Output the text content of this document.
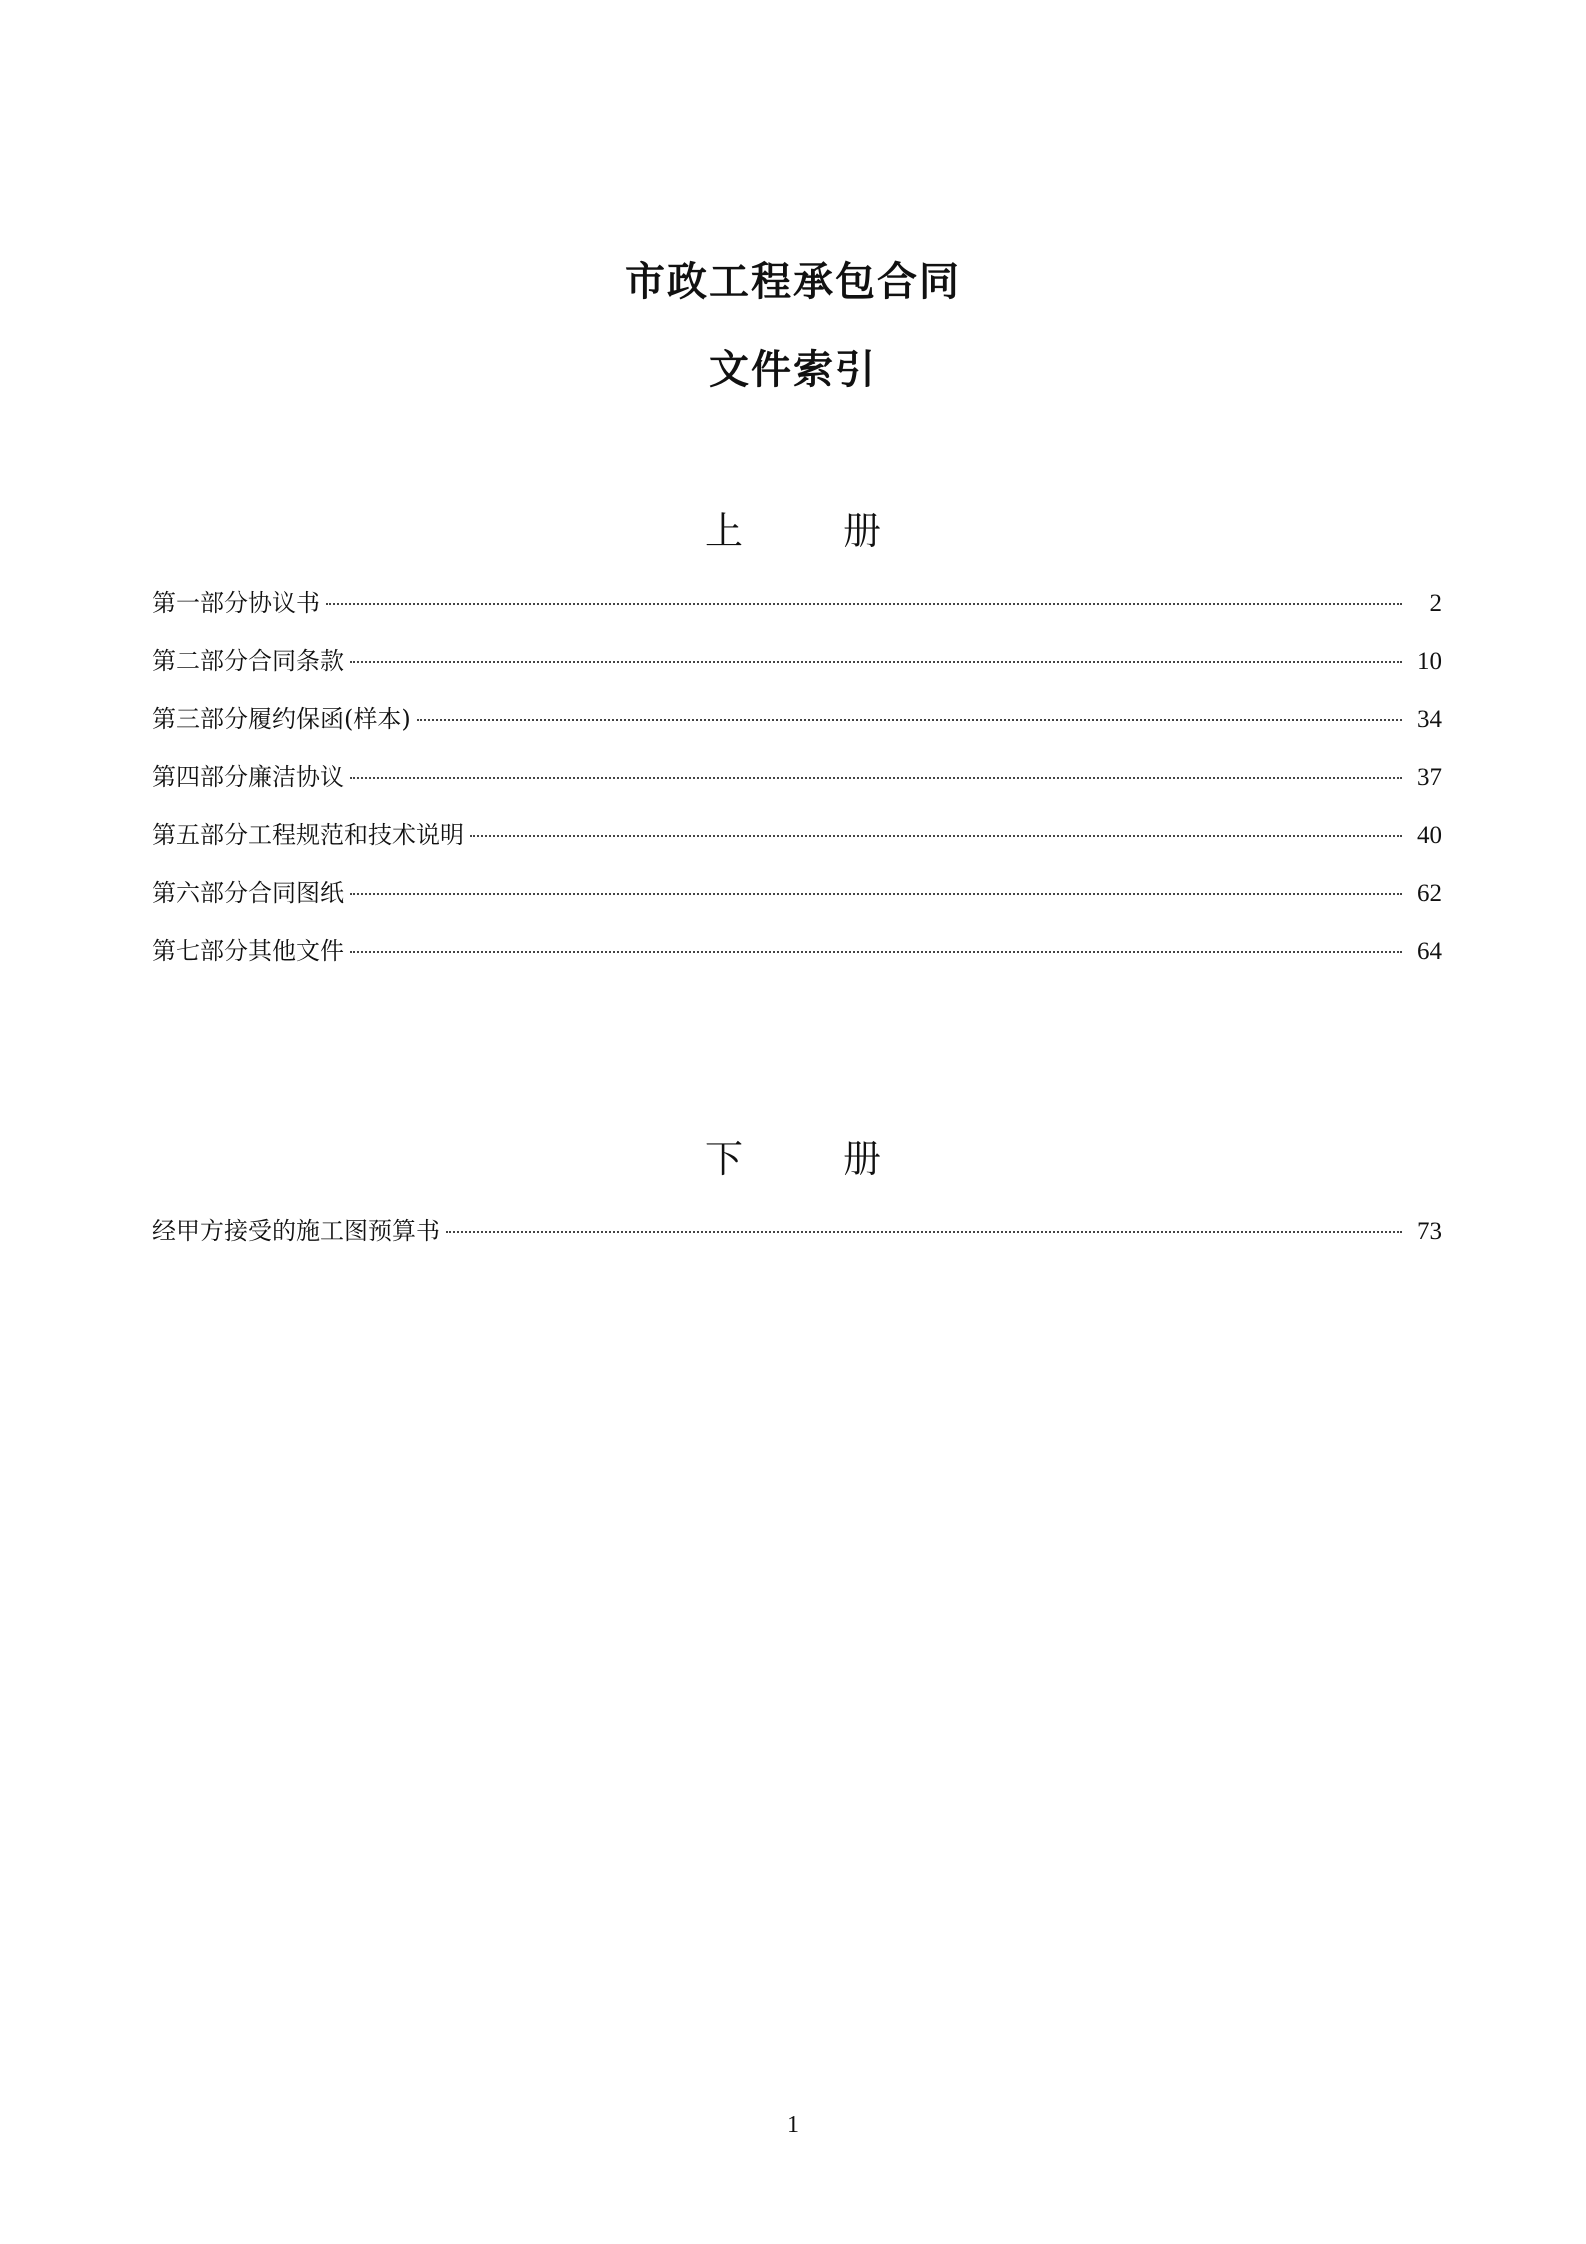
市政工程承包合同
文件索引
上	册
第一部分协议书	2
第二部分合同条款	10
第三部分履约保函(样本)	34
第四部分廉洁协议	37
第五部分工程规范和技术说明	40
第六部分合同图纸	62
第七部分其他文件	64
下	册
经甲方接受的施工图预算书	73
1
